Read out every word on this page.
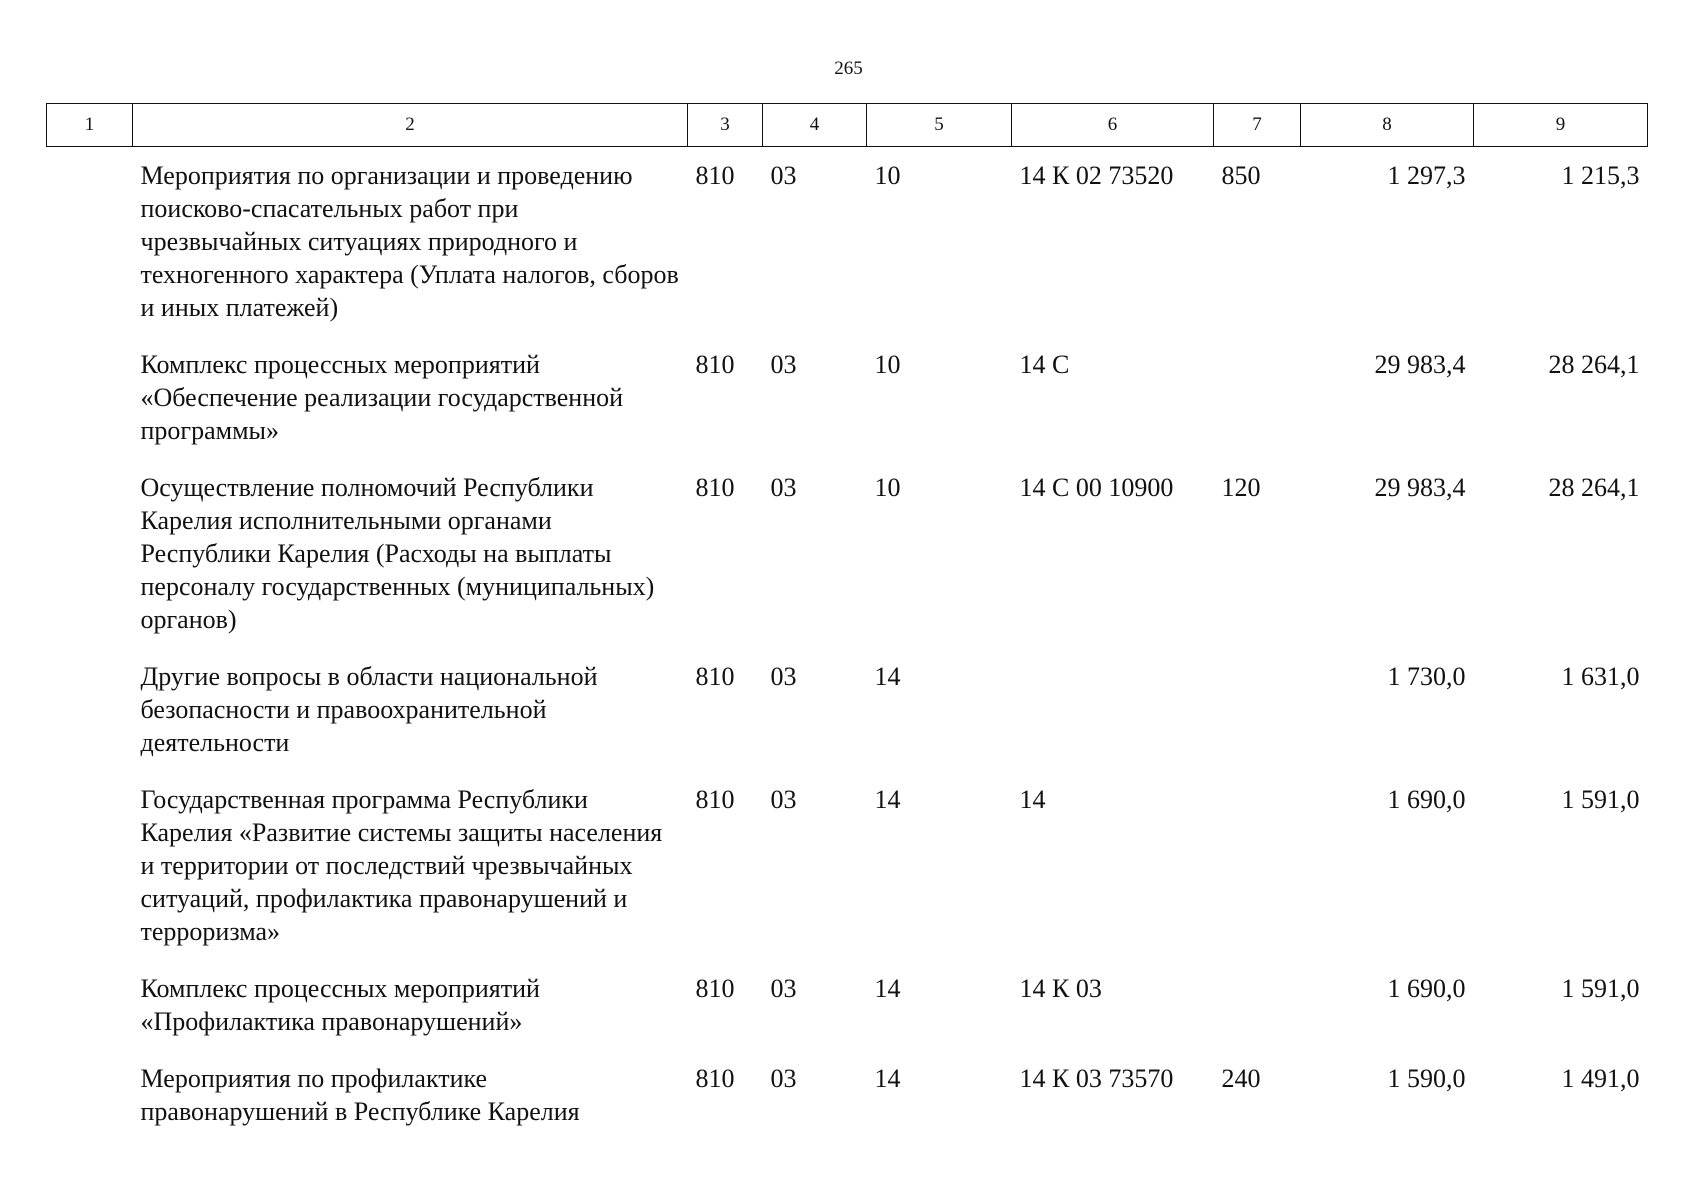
265
1	2	3	4	5	6	7	8	9
	Мероприятия по организации и проведению поисково-спасательных работ при чрезвычайных ситуациях природного и техногенного характера (Уплата налогов, сборов и иных платежей)	810	03	10	14 К 02 73520	850	1 297,3	1 215,3
	Комплекс процессных мероприятий «Обеспечение реализации государственной программы»	810	03	10	14 С		29 983,4	28 264,1
	Осуществление полномочий Республики Карелия исполнительными органами Республики Карелия (Расходы на выплаты персоналу государственных (муниципальных) органов)	810	03	10	14 С 00 10900	120	29 983,4	28 264,1
	Другие вопросы в области национальной безопасности и правоохранительной деятельности	810	03	14			1 730,0	1 631,0
	Государственная программа Республики Карелия «Развитие системы защиты населения и территории от последствий чрезвычайных ситуаций, профилактика правонарушений и терроризма»	810	03	14	14		1 690,0	1 591,0
	Комплекс процессных мероприятий «Профилактика правонарушений»	810	03	14	14 К 03		1 690,0	1 591,0
	Мероприятия по профилактике правонарушений в Республике Карелия	810	03	14	14 К 03 73570	240	1 590,0	1 491,0
